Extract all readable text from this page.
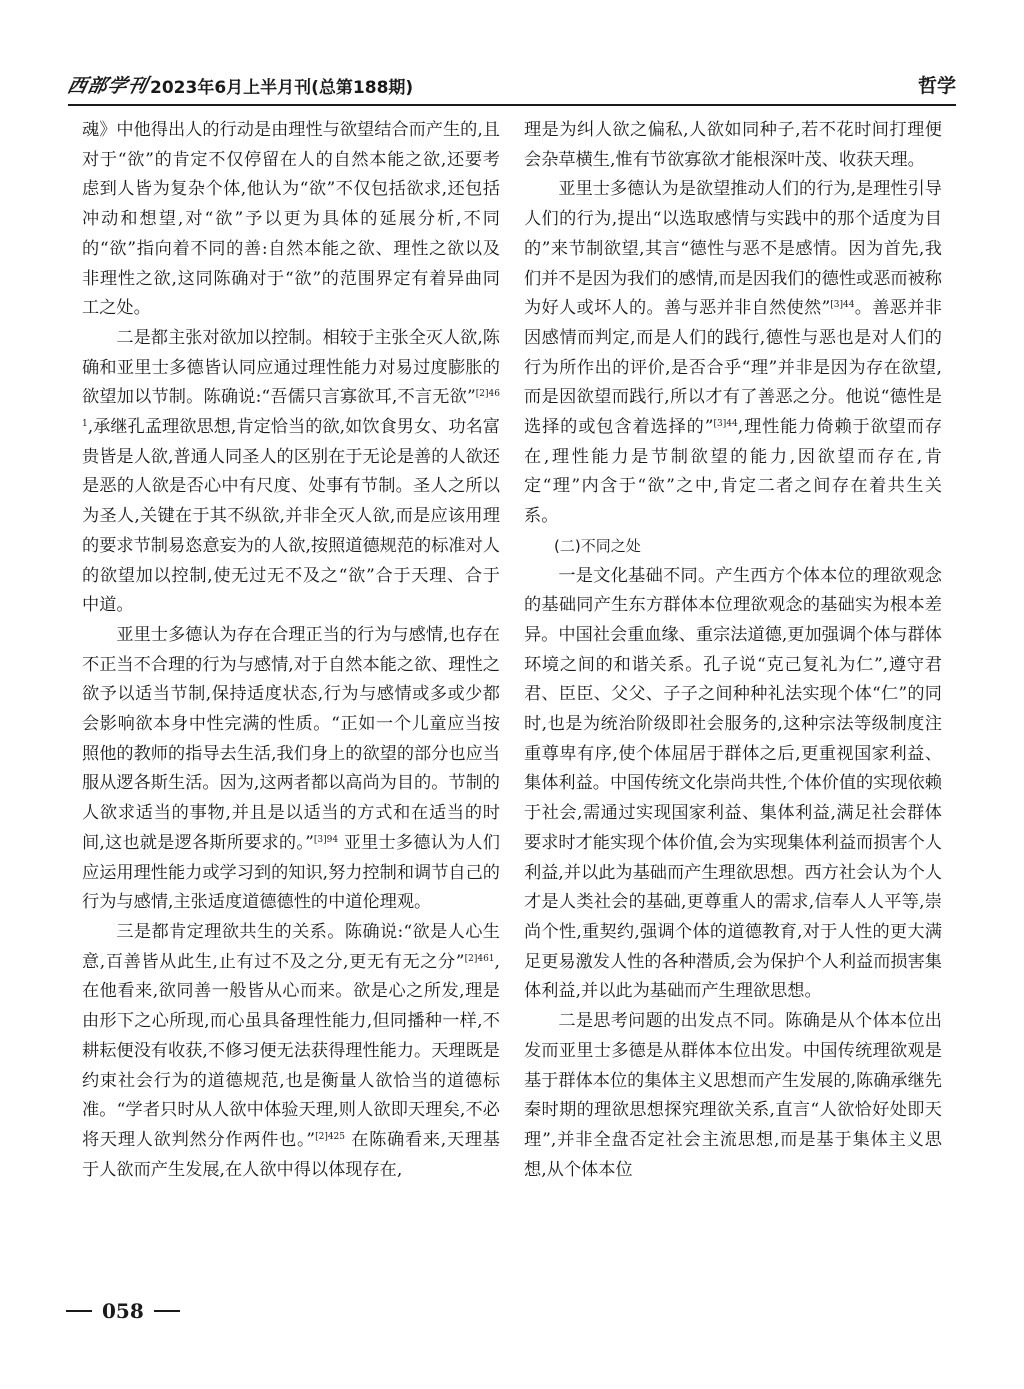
西部学刊 2023年6月上半月刊(总第188期)	哲学

魂》中他得出人的行动是由理性与欲望结合而产生的,且对于“欲”的肯定不仅停留在人的自然本能之欲,还要考虑到人皆为复杂个体,他认为“欲”不仅包括欲求,还包括冲动和想望,对“欲”予以更为具体的延展分析,不同的“欲”指向着不同的善:自然本能之欲、理性之欲以及非理性之欲,这同陈确对于“欲”的范围界定有着异曲同工之处。

二是都主张对欲加以控制。相较于主张全灭人欲,陈确和亚里士多德皆认同应通过理性能力对易过度膨胀的欲望加以节制。陈确说:“吾儒只言寡欲耳,不言无欲”$^{[2]461}$,承继孔孟理欲思想,肯定恰当的欲,如饮食男女、功名富贵皆是人欲,普通人同圣人的区别在于无论是善的人欲还是恶的人欲是否心中有尺度、处事有节制。圣人之所以为圣人,关键在于其不纵欲,并非全灭人欲,而是应该用理的要求节制易恣意妄为的人欲,按照道德规范的标准对人的欲望加以控制,使无过无不及之“欲”合于天理、合于中道。

亚里士多德认为存在合理正当的行为与感情,也存在不正当不合理的行为与感情,对于自然本能之欲、理性之欲予以适当节制,保持适度状态,行为与感情或多或少都会影响欲本身中性完满的性质。“正如一个儿童应当按照他的教师的指导去生活,我们身上的欲望的部分也应当服从逻各斯生活。因为,这两者都以高尚为目的。节制的人欲求适当的事物,并且是以适当的方式和在适当的时间,这也就是逻各斯所要求的。”$^{[3]94}$ 亚里士多德认为人们应运用理性能力或学习到的知识,努力控制和调节自己的行为与感情,主张适度道德德性的中道伦理观。

三是都肯定理欲共生的关系。陈确说:“欲是人心生意,百善皆从此生,止有过不及之分,更无有无之分”$^{[2]461}$,在他看来,欲同善一般皆从心而来。欲是心之所发,理是由形下之心所现,而心虽具备理性能力,但同播种一样,不耕耘便没有收获,不修习便无法获得理性能力。天理既是约束社会行为的道德规范,也是衡量人欲恰当的道德标准。“学者只时从人欲中体验天理,则人欲即天理矣,不必将天理人欲判然分作两件也。”$^{[2]425}$ 在陈确看来,天理基于人欲而产生发展,在人欲中得以体现存在,

理是为纠人欲之偏私,人欲如同种子,若不花时间打理便会杂草横生,惟有节欲寡欲才能根深叶茂、收获天理。

亚里士多德认为是欲望推动人们的行为,是理性引导人们的行为,提出“以选取感情与实践中的那个适度为目的”来节制欲望,其言“德性与恶不是感情。因为首先,我们并不是因为我们的感情,而是因我们的德性或恶而被称为好人或坏人的。善与恶并非自然使然”$^{[3]44}$。善恶并非因感情而判定,而是人们的践行,德性与恶也是对人们的行为所作出的评价,是否合乎“理”并非是因为存在欲望,而是因欲望而践行,所以才有了善恶之分。他说“德性是选择的或包含着选择的”$^{[3]44}$,理性能力倚赖于欲望而存在,理性能力是节制欲望的能力,因欲望而存在,肯定“理”内含于“欲”之中,肯定二者之间存在着共生关系。

(二)不同之处

一是文化基础不同。产生西方个体本位的理欲观念的基础同产生东方群体本位理欲观念的基础实为根本差异。中国社会重血缘、重宗法道德,更加强调个体与群体环境之间的和谐关系。孔子说“克己复礼为仁”,遵守君君、臣臣、父父、子子之间种种礼法实现个体“仁”的同时,也是为统治阶级即社会服务的,这种宗法等级制度注重尊卑有序,使个体屈居于群体之后,更重视国家利益、集体利益。中国传统文化崇尚共性,个体价值的实现依赖于社会,需通过实现国家利益、集体利益,满足社会群体要求时才能实现个体价值,会为实现集体利益而损害个人利益,并以此为基础而产生理欲思想。西方社会认为个人才是人类社会的基础,更尊重人的需求,信奉人人平等,崇尚个性,重契约,强调个体的道德教育,对于人性的更大满足更易激发人性的各种潜质,会为保护个人利益而损害集体利益,并以此为基础而产生理欲思想。

二是思考问题的出发点不同。陈确是从个体本位出发而亚里士多德是从群体本位出发。中国传统理欲观是基于群体本位的集体主义思想而产生发展的,陈确承继先秦时期的理欲思想探究理欲关系,直言“人欲恰好处即天理”,并非全盘否定社会主流思想,而是基于集体主义思想,从个体本位

058
